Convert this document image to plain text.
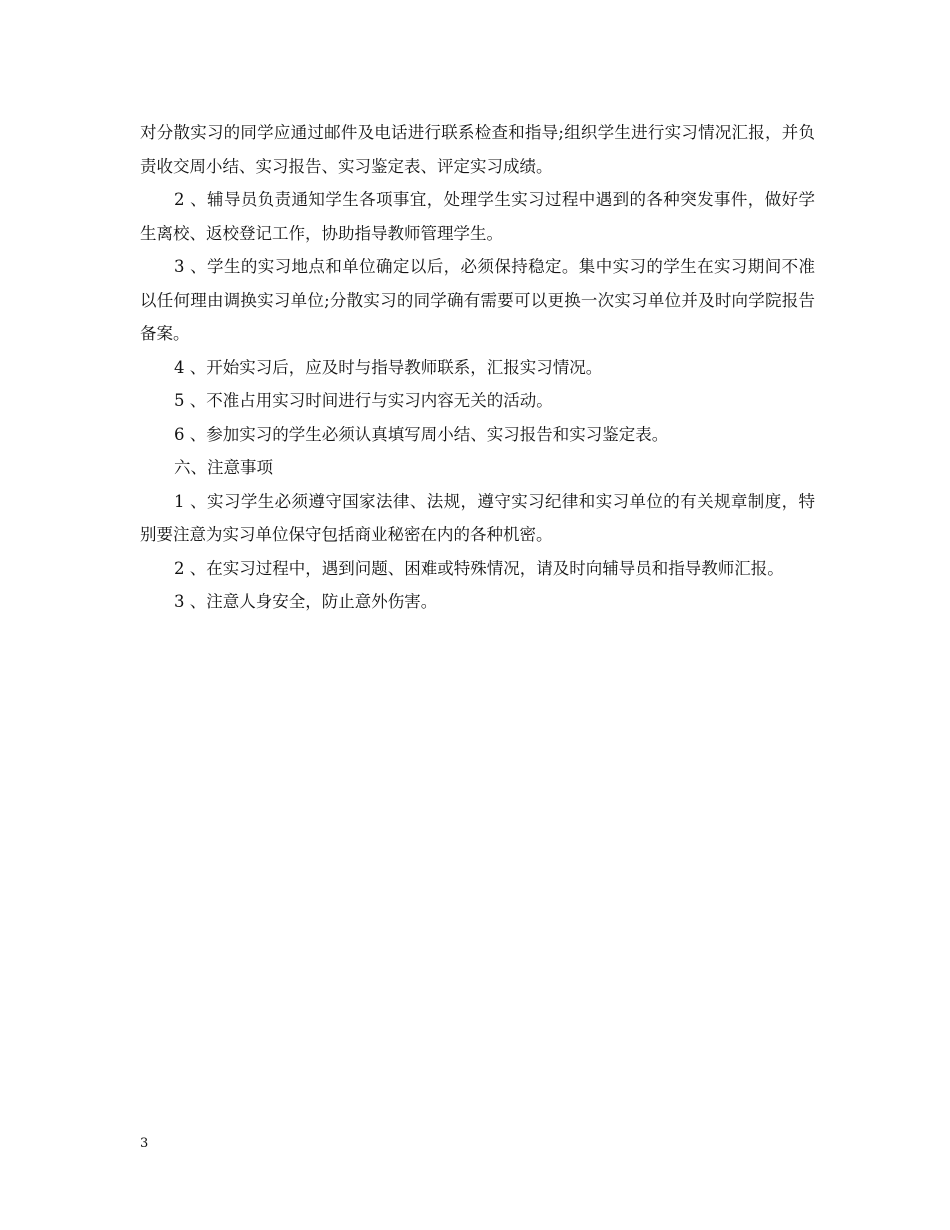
对分散实习的同学应通过邮件及电话进行联系检查和指导;组织学生进行实习情况汇报，并负责收交周小结、实习报告、实习鉴定表、评定实习成绩。

2 、辅导员负责通知学生各项事宜，处理学生实习过程中遇到的各种突发事件，做好学生离校、返校登记工作，协助指导教师管理学生。

3 、学生的实习地点和单位确定以后，必须保持稳定。集中实习的学生在实习期间不准以任何理由调换实习单位;分散实习的同学确有需要可以更换一次实习单位并及时向学院报告备案。

4 、开始实习后，应及时与指导教师联系，汇报实习情况。

5 、不准占用实习时间进行与实习内容无关的活动。

6 、参加实习的学生必须认真填写周小结、实习报告和实习鉴定表。

六、注意事项

1 、实习学生必须遵守国家法律、法规，遵守实习纪律和实习单位的有关规章制度，特别要注意为实习单位保守包括商业秘密在内的各种机密。

2 、在实习过程中，遇到问题、困难或特殊情况，请及时向辅导员和指导教师汇报。

3 、注意人身安全，防止意外伤害。

3
